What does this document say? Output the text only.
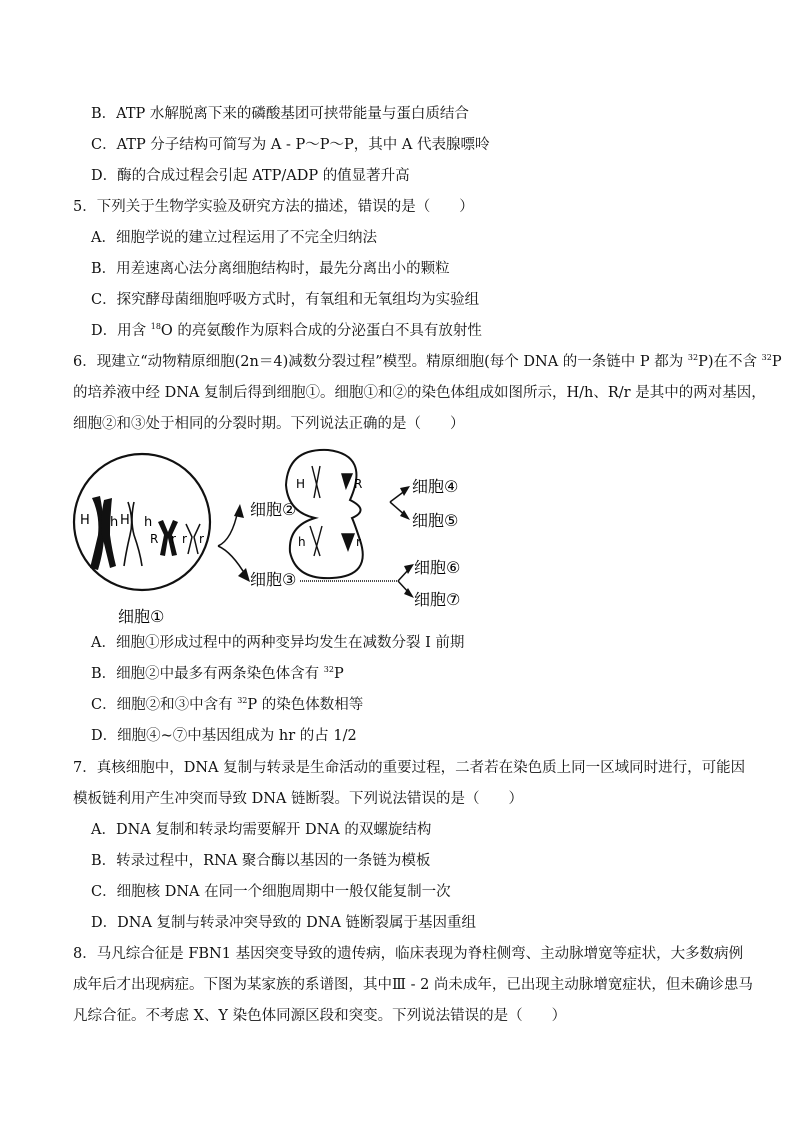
B．ATP 水解脱离下来的磷酸基团可挟带能量与蛋白质结合
C．ATP 分子结构可简写为 A - P～P～P，其中 A 代表腺嘌呤
D．酶的合成过程会引起 ATP/ADP 的值显著升高
5．下列关于生物学实验及研究方法的描述，错误的是（　　）
A．细胞学说的建立过程运用了不完全归纳法
B．用差速离心法分离细胞结构时，最先分离出小的颗粒
C．探究酵母菌细胞呼吸方式时，有氧组和无氧组均为实验组
D．用含 $^{18}$O 的亮氨酸作为原料合成的分泌蛋白不具有放射性
6．现建立“动物精原细胞(2n＝4)减数分裂过程”模型。精原细胞(每个 DNA 的一条链中 P 都为 $^{32}$P)在不含 $^{32}$P
的培养液中经 DNA 复制后得到细胞①。细胞①和②的染色体组成如图所示，H/h、R/r 是其中的两对基因，
细胞②和③处于相同的分裂时期。下列说法正确的是（　　）
H h H h
R r r r
细胞①
细胞②
细胞③
H	R
h	r
细胞④
细胞⑤
细胞⑥
细胞⑦
A．细胞①形成过程中的两种变异均发生在减数分裂 I 前期
B．细胞②中最多有两条染色体含有 $^{32}$P
C．细胞②和③中含有 $^{32}$P 的染色体数相等
D．细胞④~⑦中基因组成为 hr 的占 1/2
7．真核细胞中，DNA 复制与转录是生命活动的重要过程，二者若在染色质上同一区域同时进行，可能因
模板链利用产生冲突而导致 DNA 链断裂。下列说法错误的是（　　）
A．DNA 复制和转录均需要解开 DNA 的双螺旋结构
B．转录过程中，RNA 聚合酶以基因的一条链为模板
C．细胞核 DNA 在同一个细胞周期中一般仅能复制一次
D．DNA 复制与转录冲突导致的 DNA 链断裂属于基因重组
8．马凡综合征是 FBN1 基因突变导致的遗传病，临床表现为脊柱侧弯、主动脉增宽等症状，大多数病例
成年后才出现病症。下图为某家族的系谱图，其中Ⅲ - 2 尚未成年，已出现主动脉增宽症状，但未确诊患马
凡综合征。不考虑 X、Y 染色体同源区段和突变。下列说法错误的是（　　）
